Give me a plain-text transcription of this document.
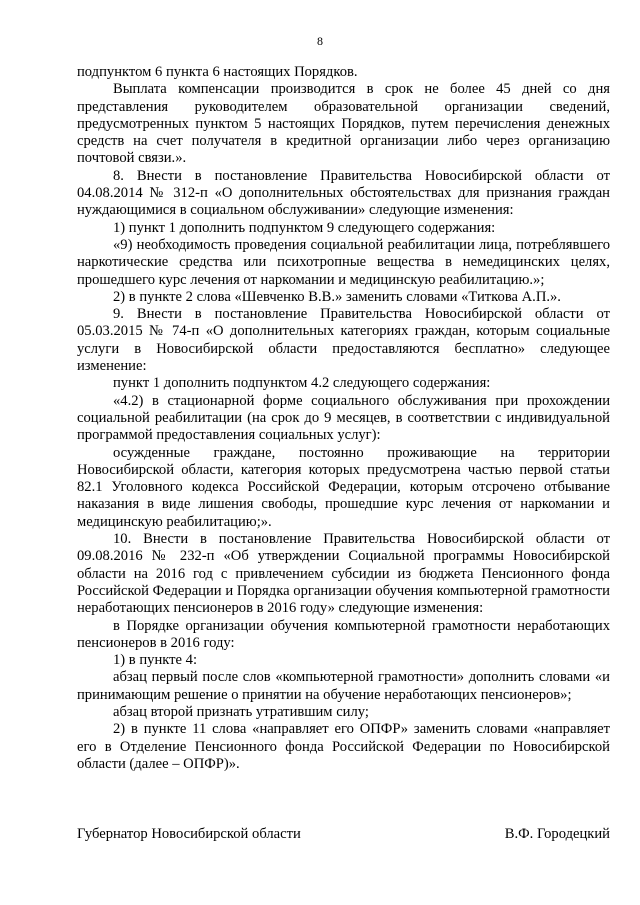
8

подпунктом 6 пункта 6 настоящих Порядков.

Выплата компенсации производится в срок не более 45 дней со дня представления руководителем образовательной организации сведений, предусмотренных пунктом 5 настоящих Порядков, путем перечисления денежных средств на счет получателя в кредитной организации либо через организацию почтовой связи.».

8. Внести в постановление Правительства Новосибирской области от 04.08.2014 № 312-п «О дополнительных обстоятельствах для признания граждан нуждающимися в социальном обслуживании» следующие изменения:

1) пункт 1 дополнить подпунктом 9 следующего содержания:

«9) необходимость проведения социальной реабилитации лица, потреблявшего наркотические средства или психотропные вещества в немедицинских целях, прошедшего курс лечения от наркомании и медицинскую реабилитацию.»;

2) в пункте 2 слова «Шевченко В.В.» заменить словами «Титкова А.П.».

9. Внести в постановление Правительства Новосибирской области от 05.03.2015 № 74-п «О дополнительных категориях граждан, которым социальные услуги в Новосибирской области предоставляются бесплатно» следующее изменение:

пункт 1 дополнить подпунктом 4.2 следующего содержания:

«4.2) в стационарной форме социального обслуживания при прохождении социальной реабилитации (на срок до 9 месяцев, в соответствии с индивидуальной программой предоставления социальных услуг):

осужденные граждане, постоянно проживающие на территории Новосибирской области, категория которых предусмотрена частью первой статьи 82.1 Уголовного кодекса Российской Федерации, которым отсрочено отбывание наказания в виде лишения свободы, прошедшие курс лечения от наркомании и медицинскую реабилитацию;».

10. Внести в постановление Правительства Новосибирской области от 09.08.2016 № 232-п «Об утверждении Социальной программы Новосибирской области на 2016 год с привлечением субсидии из бюджета Пенсионного фонда Российской Федерации и Порядка организации обучения компьютерной грамотности неработающих пенсионеров в 2016 году» следующие изменения:

в Порядке организации обучения компьютерной грамотности неработающих пенсионеров в 2016 году:

1) в пункте 4:

абзац первый после слов «компьютерной грамотности» дополнить словами «и принимающим решение о принятии на обучение неработающих пенсионеров»;

абзац второй признать утратившим силу;

2) в пункте 11 слова «направляет его ОПФР» заменить словами «направляет его в Отделение Пенсионного фонда Российской Федерации по Новосибирской области (далее – ОПФР)».

Губернатор Новосибирской области	В.Ф. Городецкий
